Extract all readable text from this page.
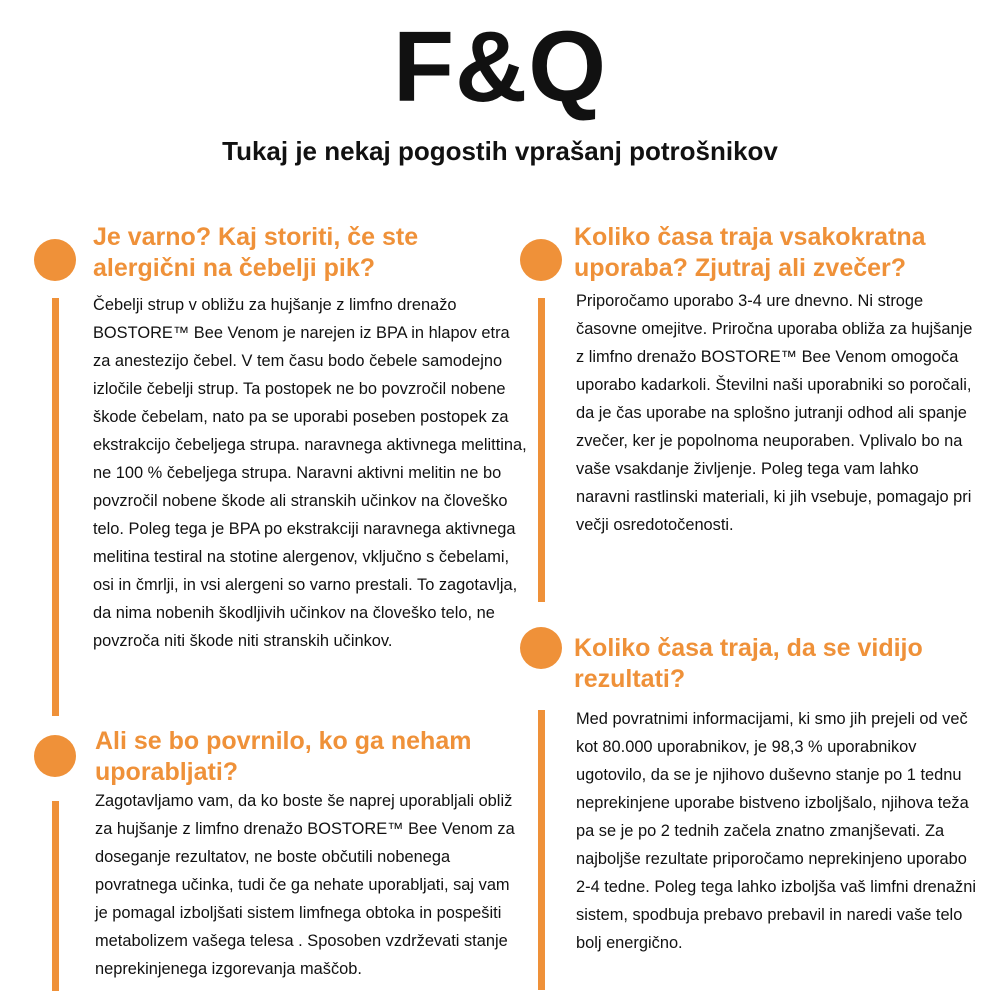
F&Q
Tukaj je nekaj pogostih vprašanj potrošnikov
Je varno? Kaj storiti, če ste alergični na čebelji pik?

Čebelji strup v obližu za hujšanje z limfno drenažo BOSTORE™ Bee Venom je narejen iz BPA in hlapov etra za anestezijo čebel. V tem času bodo čebele samodejno izločile čebelji strup. Ta postopek ne bo povzročil nobene škode čebelam, nato pa se uporabi poseben postopek za ekstrakcijo čebeljega strupa. naravnega aktivnega melittina, ne 100 % čebeljega strupa. Naravni aktivni melitin ne bo povzročil nobene škode ali stranskih učinkov na človeško telo. Poleg tega je BPA po ekstrakciji naravnega aktivnega melitina testiral na stotine alergenov, vključno s čebelami, osi in čmrlji, in vsi alergeni so varno prestali. To zagotavlja, da nima nobenih škodljivih učinkov na človeško telo, ne povzroča niti škode niti stranskih učinkov.

Koliko časa traja vsakokratna uporaba? Zjutraj ali zvečer?

Priporočamo uporabo 3-4 ure dnevno. Ni stroge časovne omejitve. Priročna uporaba obliža za hujšanje z limfno drenažo BOSTORE™ Bee Venom omogoča uporabo kadarkoli. Številni naši uporabniki so poročali, da je čas uporabe na splošno jutranji odhod ali spanje zvečer, ker je popolnoma neuporaben. Vplivalo bo na vaše vsakdanje življenje. Poleg tega vam lahko naravni rastlinski materiali, ki jih vsebuje, pomagajo pri večji osredotočenosti.

Ali se bo povrnilo, ko ga neham uporabljati?

Zagotavljamo vam, da ko boste še naprej uporabljali obliž za hujšanje z limfno drenažo BOSTORE™ Bee Venom za doseganje rezultatov, ne boste občutili nobenega povratnega učinka, tudi če ga nehate uporabljati, saj vam je pomagal izboljšati sistem limfnega obtoka in pospešiti metabolizem vašega telesa . Sposoben vzdrževati stanje neprekinjenega izgorevanja maščob.

Koliko časa traja, da se vidijo rezultati?

Med povratnimi informacijami, ki smo jih prejeli od več kot 80.000 uporabnikov, je 98,3 % uporabnikov ugotovilo, da se je njihovo duševno stanje po 1 tednu neprekinjene uporabe bistveno izboljšalo, njihova teža pa se je po 2 tednih začela znatno zmanjševati. Za najboljše rezultate priporočamo neprekinjeno uporabo 2-4 tedne. Poleg tega lahko izboljša vaš limfni drenažni sistem, spodbuja prebavo prebavil in naredi vaše telo bolj energično.
